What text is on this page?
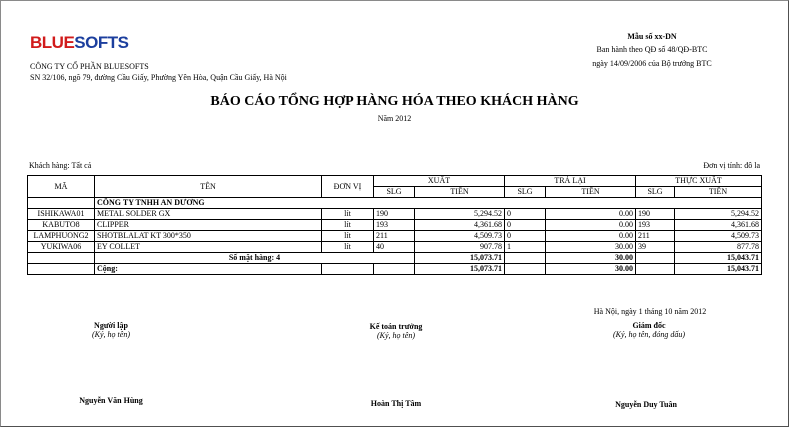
BLUESOFTS
CÔNG TY CỔ PHẦN BLUESOFTS
SN 32/106, ngõ 79, đường Cầu Giấy, Phường Yên Hòa, Quận Cầu Giấy, Hà Nội
Mẫu số xx-DN
Ban hành theo QĐ số 48/QĐ-BTC
ngày 14/09/2006 của Bộ trưởng BTC
BÁO CÁO TỔNG HỢP HÀNG HÓA THEO KHÁCH HÀNG
Năm 2012
Khách hàng: Tất cả	Đơn vị tính: đô la
MÃ	TÊN	ĐƠN VỊ	XUẤT		TRẢ LẠI		THỰC XUẤT	
			SLG	TIỀN	SLG	TIỀN	SLG	TIỀN
	CÔNG TY TNHH AN DƯƠNG							
ISHIKAWA01	METAL SOLDER GX	lít	190	5,294.52	0	0.00	190	5,294.52
KABUTO8	CLIPPER	lít	193	4,361.68	0	0.00	193	4,361.68
LAMPHUONG2	SHOTBLALAT KT 300*350	lít	211	4,509.73	0	0.00	211	4,509.73
YUKIWA06	EY COLLET	lít	40	907.78	1	30.00	39	877.78
	Số mặt hàng: 4			15,073.71		30.00		15,043.71
	Cộng:			15,073.71		30.00		15,043.71
Hà Nội, ngày 1 tháng 10 năm 2012
Người lập
(Ký, họ tên)
Kế toán trưởng
(Ký, họ tên)
Giám đốc
(Ký, họ tên, đóng dấu)
Nguyễn Văn Hùng	Hoàn Thị Tâm	Nguyễn Duy Tuân
